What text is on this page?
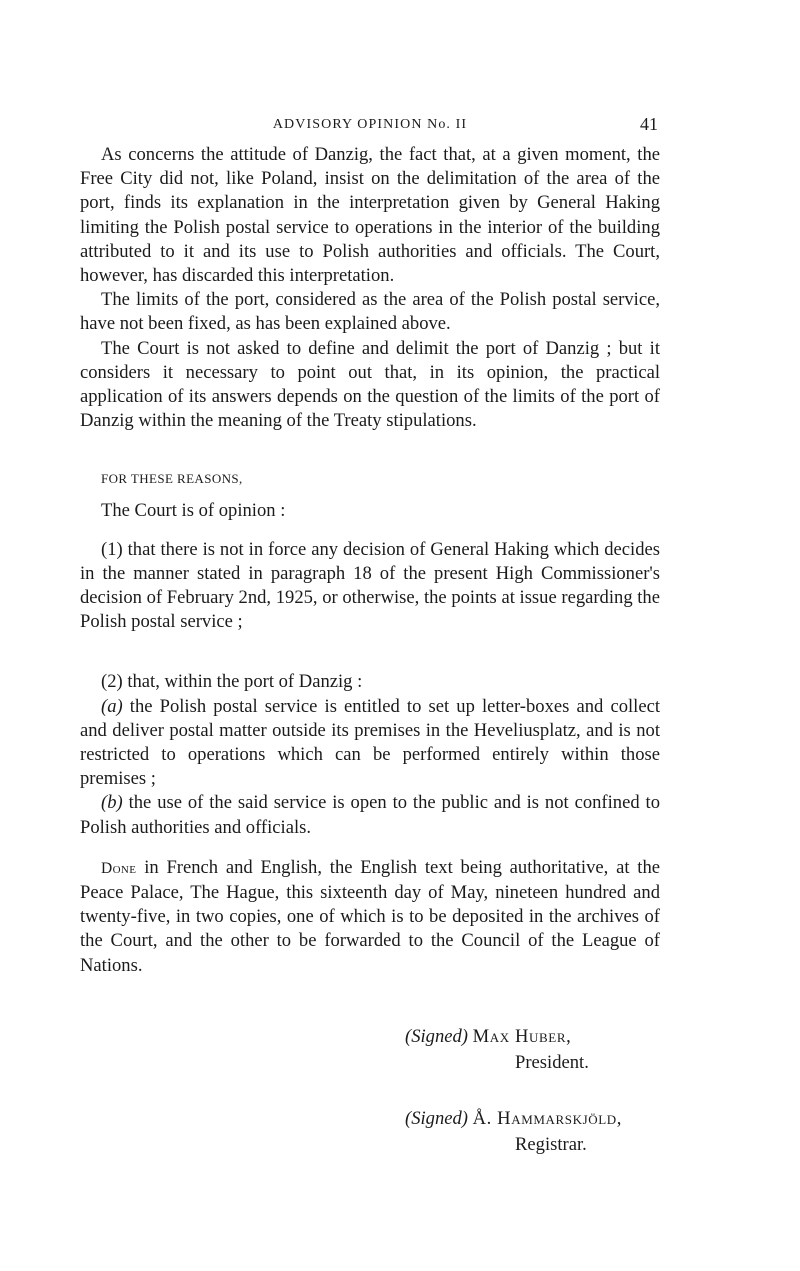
ADVISORY OPINION No. II	41

As concerns the attitude of Danzig, the fact that, at a given moment, the Free City did not, like Poland, insist on the delimitation of the area of the port, finds its explanation in the interpretation given by General Haking limiting the Polish postal service to operations in the interior of the building attributed to it and its use to Polish authorities and officials. The Court, however, has discarded this interpretation.

The limits of the port, considered as the area of the Polish postal service, have not been fixed, as has been explained above.

The Court is not asked to define and delimit the port of Danzig ; but it considers it necessary to point out that, in its opinion, the practical application of its answers depends on the question of the limits of the port of Danzig within the meaning of the Treaty stipulations.

FOR THESE REASONS,

The Court is of opinion :

(1) that there is not in force any decision of General Haking which decides in the manner stated in paragraph 18 of the present High Commissioner's decision of February 2nd, 1925, or otherwise, the points at issue regarding the Polish postal service ;

(2) that, within the port of Danzig :

(a) the Polish postal service is entitled to set up letter-boxes and collect and deliver postal matter outside its premises in the Heveliusplatz, and is not restricted to operations which can be performed entirely within those premises ;

(b) the use of the said service is open to the public and is not confined to Polish authorities and officials.

Done in French and English, the English text being authoritative, at the Peace Palace, The Hague, this sixteenth day of May, nineteen hundred and twenty-five, in two copies, one of which is to be deposited in the archives of the Court, and the other to be forwarded to the Council of the League of Nations.

(Signed) Max Huber,
President.
(Signed) Å. Hammarskjöld,
Registrar.
